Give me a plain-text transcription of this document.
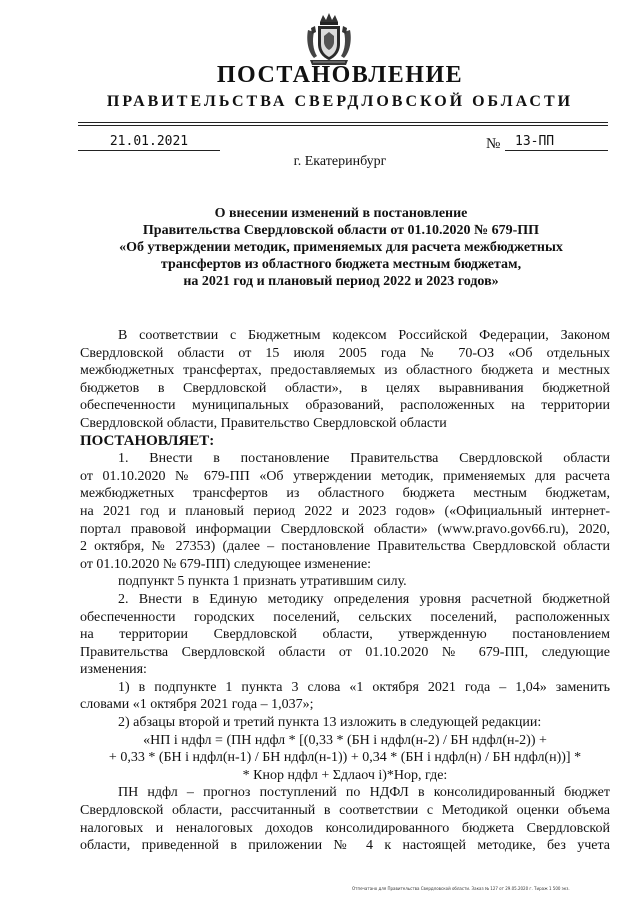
ПОСТАНОВЛЕНИЕ
ПРАВИТЕЛЬСТВА СВЕРДЛОВСКОЙ ОБЛАСТИ
21.01.2021	№	13-ПП
г. Екатеринбург
О внесении изменений в постановление
Правительства Свердловской области от 01.10.2020 № 679-ПП
«Об утверждении методик, применяемых для расчета межбюджетных
трансфертов из областного бюджета местным бюджетам,
на 2021 год и плановый период 2022 и 2023 годов»

В соответствии с Бюджетным кодексом Российской Федерации, Законом

Свердловской области от 15 июля 2005 года № 70-ОЗ «Об отдельных

межбюджетных трансфертах, предоставляемых из областного бюджета и местных

бюджетов в Свердловской области», в целях выравнивания бюджетной

обеспеченности муниципальных образований, расположенных на территории

Свердловской области, Правительство Свердловской области

ПОСТАНОВЛЯЕТ:

1. Внести в постановление Правительства Свердловской области

от 01.10.2020 № 679-ПП «Об утверждении методик, применяемых для расчета

межбюджетных трансфертов из областного бюджета местным бюджетам,

на 2021 год и плановый период 2022 и 2023 годов» («Официальный интернет-

портал правовой информации Свердловской области» (www.pravo.gov66.ru), 2020,

2 октября, № 27353) (далее – постановление Правительства Свердловской области

от 01.10.2020 № 679-ПП) следующее изменение:

подпункт 5 пункта 1 признать утратившим силу.

2. Внести в Единую методику определения уровня расчетной бюджетной

обеспеченности городских поселений, сельских поселений, расположенных

на территории Свердловской области, утвержденную постановлением

Правительства Свердловской области от 01.10.2020 № 679-ПП, следующие

изменения:

1) в подпункте 1 пункта 3 слова «1 октября 2021 года – 1,04» заменить

словами «1 октября 2021 года – 1,037»;

2) абзацы второй и третий пункта 13 изложить в следующей редакции:

«НП i ндфл = (ПН ндфл * [(0,33 * (БН i ндфл(н-2) / БН ндфл(н-2)) +

+ 0,33 * (БН i ндфл(н-1) / БН ндфл(н-1)) + 0,34 * (БН i ндфл(н) / БН ндфл(н))] *

* Кнор ндфл + Σдлаоч i)*Нор, где:

ПН ндфл – прогноз поступлений по НДФЛ в консолидированный бюджет

Свердловской области, рассчитанный в соответствии с Методикой оценки объема

налоговых и неналоговых доходов консолидированного бюджета Свердловской

области, приведенной в приложении № 4 к настоящей методике, без учета

Отпечатано для Правительства Свердловской области. Заказ № 127 от 29.05.2020 г. Тираж 1 500 экз.
